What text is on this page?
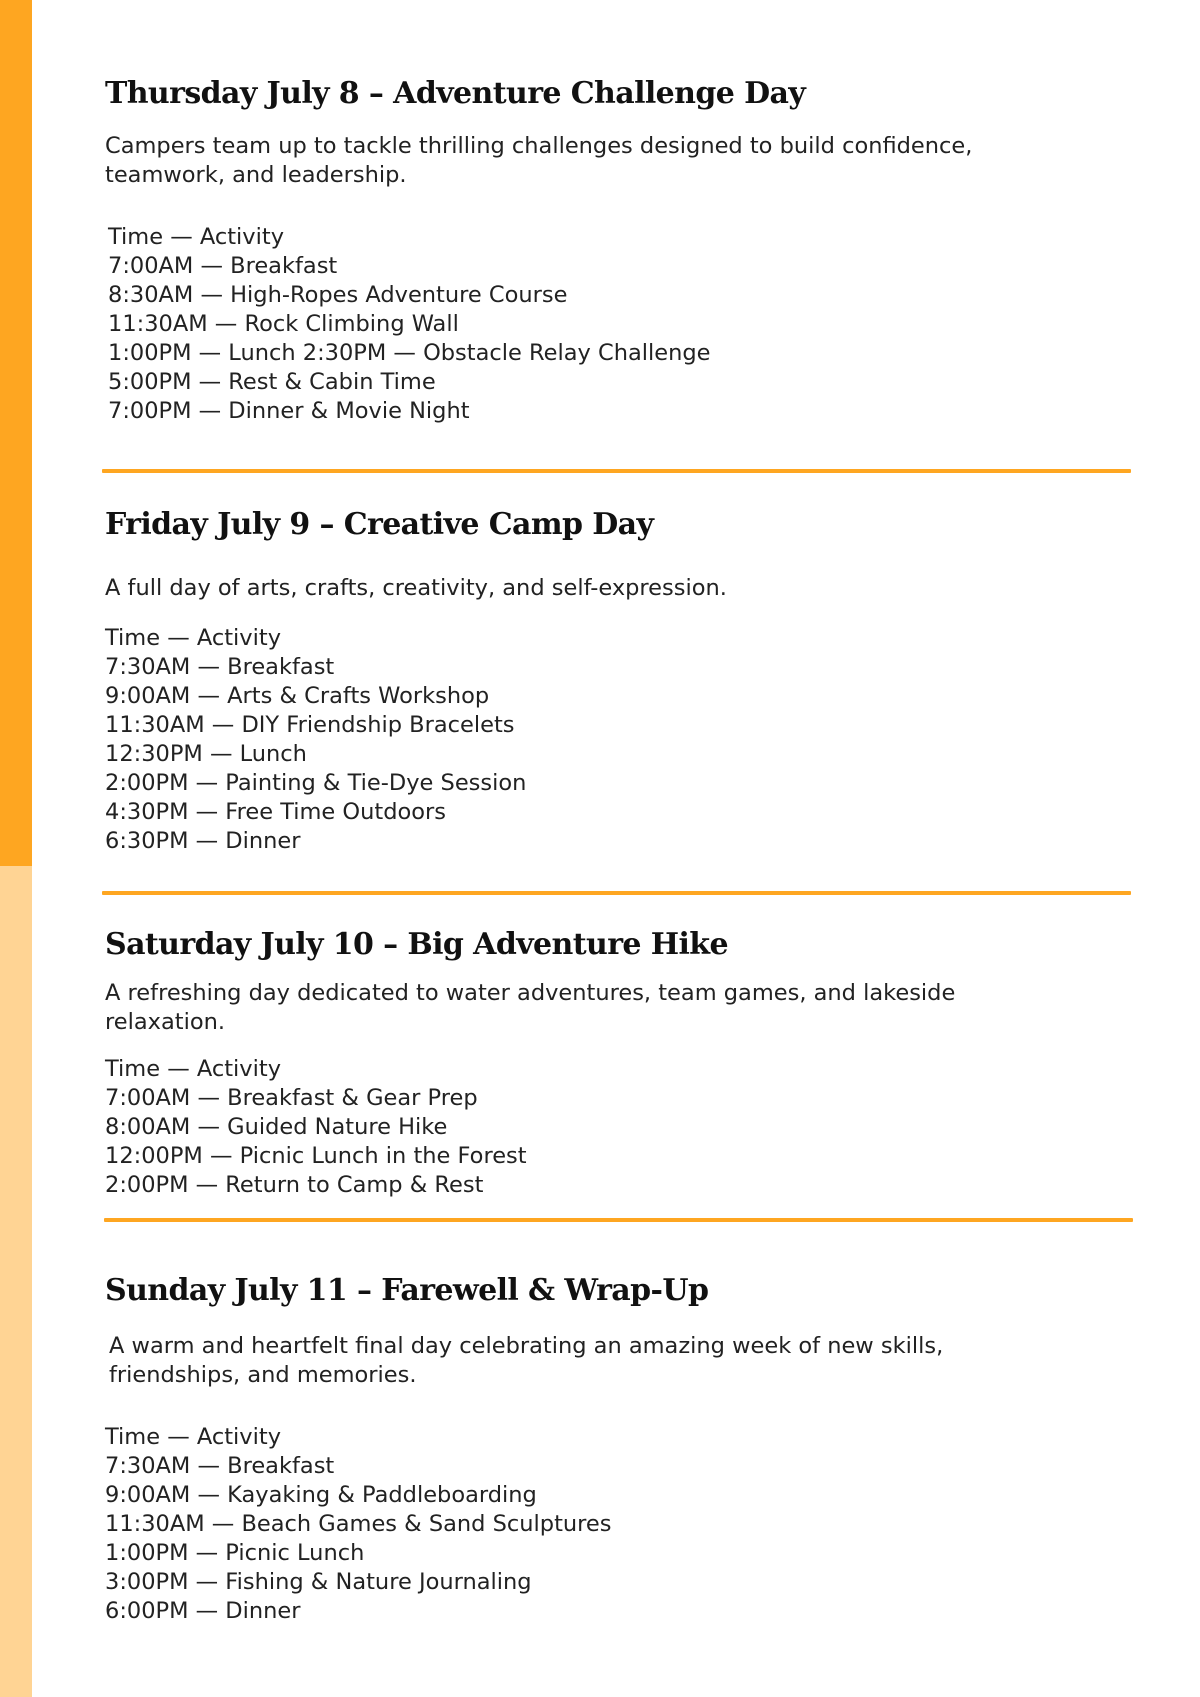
Thursday July 8 – Adventure Challenge Day

Campers team up to tackle thrilling challenges designed to build confidence, teamwork, and leadership.

Time — Activity
7:00AM — Breakfast
8:30AM — High-Ropes Adventure Course
11:30AM — Rock Climbing Wall
1:00PM — Lunch 2:30PM — Obstacle Relay Challenge
5:00PM — Rest & Cabin Time
7:00PM — Dinner & Movie Night
Friday July 9 – Creative Camp Day

A full day of arts, crafts, creativity, and self-expression.

Time — Activity
7:30AM — Breakfast
9:00AM — Arts & Crafts Workshop
11:30AM — DIY Friendship Bracelets
12:30PM — Lunch
2:00PM — Painting & Tie-Dye Session
4:30PM — Free Time Outdoors
6:30PM — Dinner
Saturday July 10 – Big Adventure Hike

A refreshing day dedicated to water adventures, team games, and lakeside relaxation.

Time — Activity
7:00AM — Breakfast & Gear Prep
8:00AM — Guided Nature Hike
12:00PM — Picnic Lunch in the Forest
2:00PM — Return to Camp & Rest
Sunday July 11 – Farewell & Wrap-Up

A warm and heartfelt final day celebrating an amazing week of new skills, friendships, and memories.

Time — Activity
7:30AM — Breakfast
9:00AM — Kayaking & Paddleboarding
11:30AM — Beach Games & Sand Sculptures
1:00PM — Picnic Lunch
3:00PM — Fishing & Nature Journaling
6:00PM — Dinner
